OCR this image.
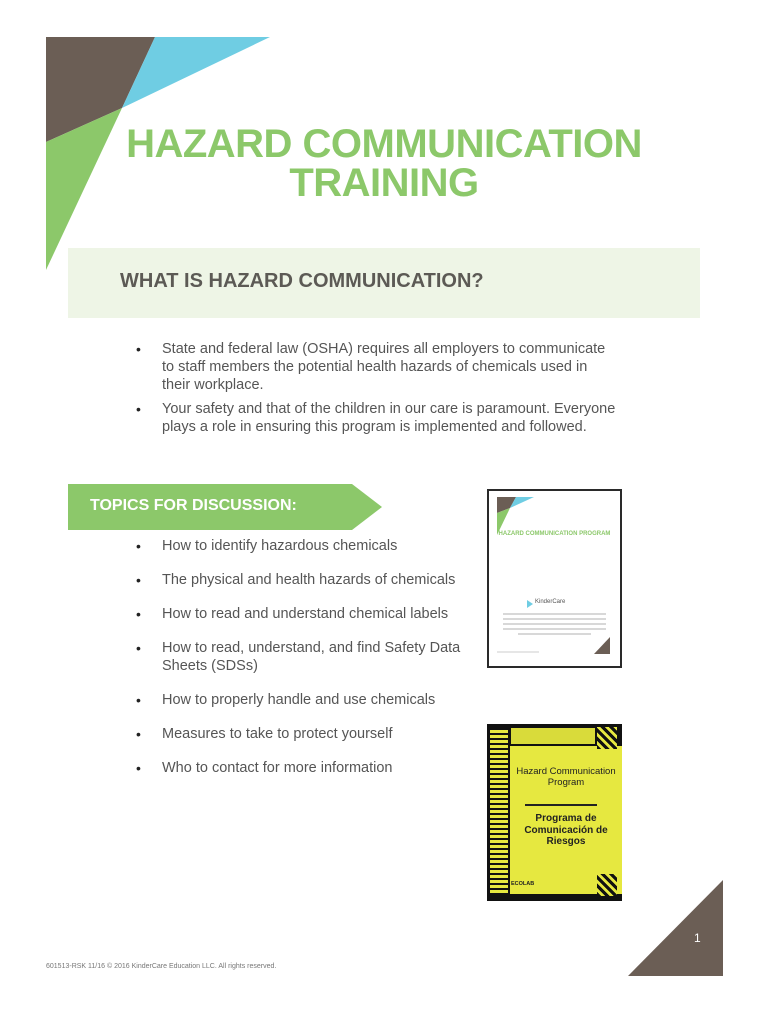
HAZARD COMMUNICATION
TRAINING
WHAT IS HAZARD COMMUNICATION?
• State and federal law (OSHA) requires all employers to communicate to staff members the potential health hazards of chemicals used in their workplace.
• Your safety and that of the children in our care is paramount. Everyone plays a role in ensuring this program is implemented and followed.
TOPICS FOR DISCUSSION:
• How to identify hazardous chemicals
• The physical and health hazards of chemicals
• How to read and understand chemical labels
• How to read, understand, and find Safety Data Sheets (SDSs)
• How to properly handle and use chemicals
• Measures to take to protect yourself
• Who to contact for more information
HAZARD COMMUNICATION PROGRAM
KinderCare
Hazard Communication Program
Programa de Comunicación de Riesgos
ECOLAB
1
601513-RSK 11/16 © 2016 KinderCare Education LLC. All rights reserved.
